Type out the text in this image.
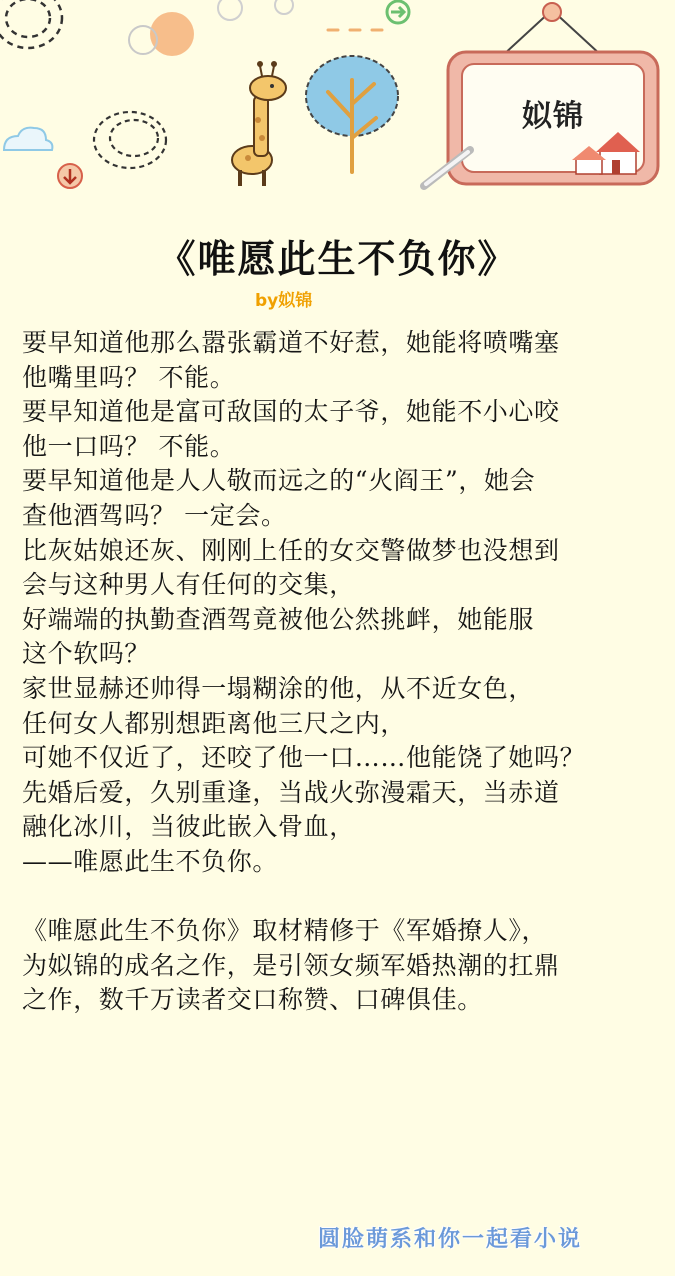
姒锦
《唯愿此生不负你》
by姒锦

要早知道他那么嚣张霸道不好惹，她能将喷嘴塞

他嘴里吗？ 不能。

要早知道他是富可敌国的太子爷，她能不小心咬

他一口吗？ 不能。

要早知道他是人人敬而远之的“火阎王”，她会

查他酒驾吗？ 一定会。

比灰姑娘还灰、刚刚上任的女交警做梦也没想到

会与这种男人有任何的交集，

好端端的执勤查酒驾竟被他公然挑衅，她能服

这个软吗？

家世显赫还帅得一塌糊涂的他，从不近女色，

任何女人都别想距离他三尺之内，

可她不仅近了，还咬了他一口……他能饶了她吗？

先婚后爱，久别重逢，当战火弥漫霜天，当赤道

融化冰川，当彼此嵌入骨血，

——唯愿此生不负你。

《唯愿此生不负你》取材精修于《军婚撩人》，

为姒锦的成名之作，是引领女频军婚热潮的扛鼎

之作，数千万读者交口称赞、口碑俱佳。

圆脸萌系和你一起看小说
